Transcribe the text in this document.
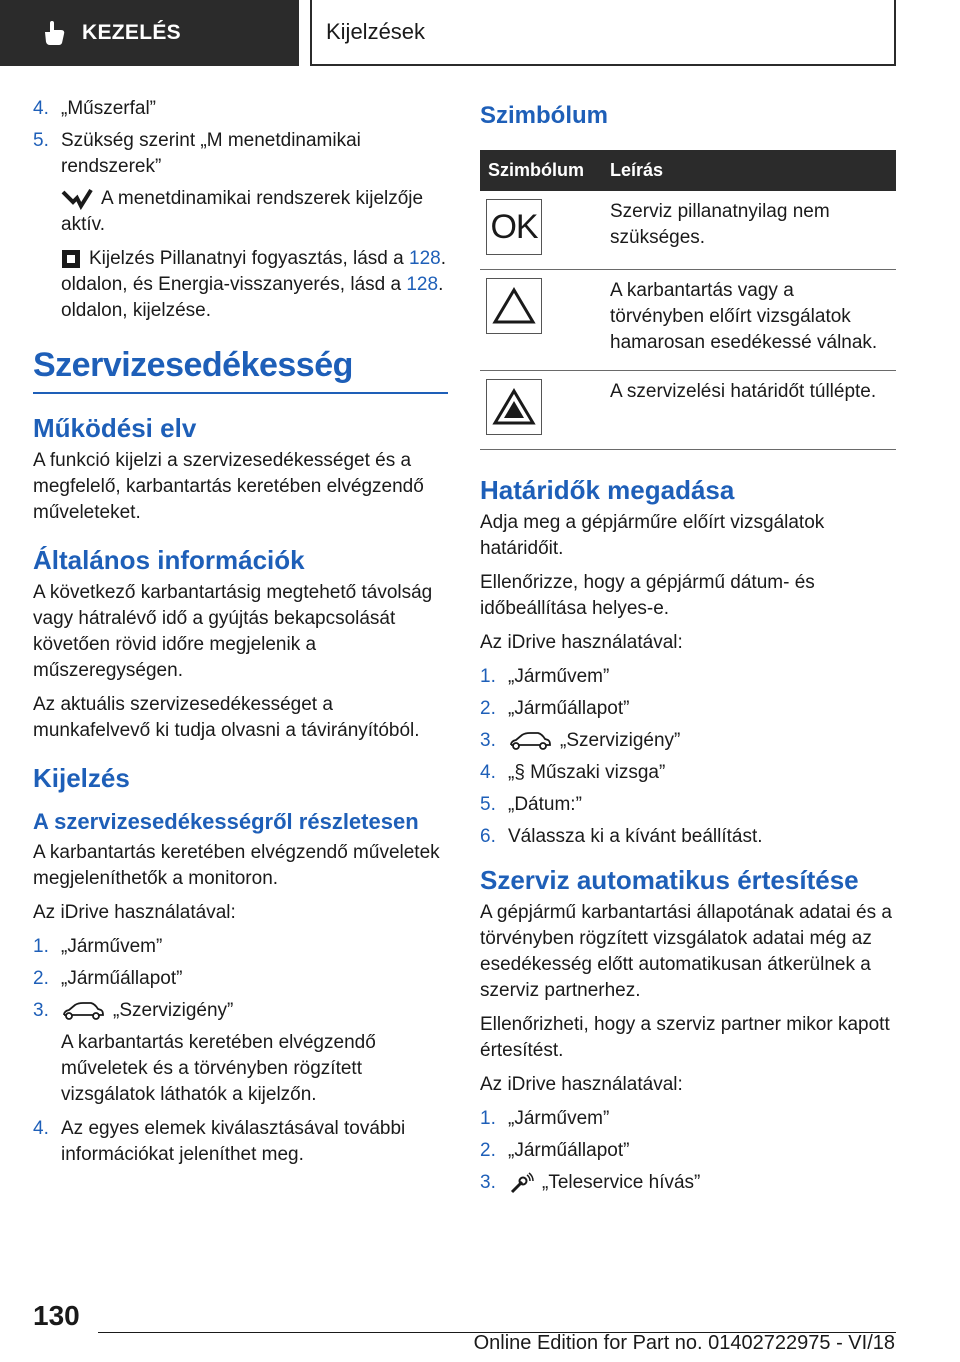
KEZELÉS	Kijelzések
4. „Műszerfal”
5. Szükség szerint „M menetdinamikai rendszerek”
A menetdinamikai rendszerek kijelzője aktív.
Kijelzés Pillanatnyi fogyasztás, lásd a 128. oldalon, és Energia-visszanyerés, lásd a 128. oldalon, kijelzése.
Szervizesedékesség
Működési elv
A funkció kijelzi a szervizesedékességet és a megfelelő, karbantartás keretében elvégzendő műveleteket.
Általános információk
A következő karbantartásig megtehető távolság vagy hátralévő idő a gyújtás bekapcsolását követően rövid időre megjelenik a műszeregységen.
Az aktuális szervizesedékességet a munkafelvevő ki tudja olvasni a távirányítóból.
Kijelzés
A szervizesedékességről részletesen
A karbantartás keretében elvégzendő műveletek megjeleníthetők a monitoron.
Az iDrive használatával:
1. „Járművem”
2. „Járműállapot”
3.	„Szervizigény”
A karbantartás keretében elvégzendő műveletek és a törvényben rögzített vizsgálatok láthatók a kijelzőn.
4. Az egyes elemek kiválasztásával további információkat jeleníthet meg.
Szimbólum
Szimbólum	Leírás

OK	Szerviz pillanatnyilag nem szükséges.

	A karbantartás vagy a törvényben előírt vizsgálatok hamarosan esedékessé válnak.

	A szervizelési határidőt túllépte.
Határidők megadása
Adja meg a gépjárműre előírt vizsgálatok határidőit.
Ellenőrizze, hogy a gépjármű dátum- és időbeállítása helyes-e.
Az iDrive használatával:
1. „Járművem”
2. „Járműállapot”
3.	„Szervizigény”
4. „§ Műszaki vizsga”
5. „Dátum:”
6. Válassza ki a kívánt beállítást.
Szerviz automatikus értesítése
A gépjármű karbantartási állapotának adatai és a törvényben rögzített vizsgálatok adatai még az esedékesség előtt automatikusan átkerülnek a szerviz partnerhez.
Ellenőrizheti, hogy a szerviz partner mikor kapott értesítést.
Az iDrive használatával:
1. „Járművem”
2. „Járműállapot”
3.	„Teleservice hívás”
130
Online Edition for Part no. 01402722975 - VI/18
